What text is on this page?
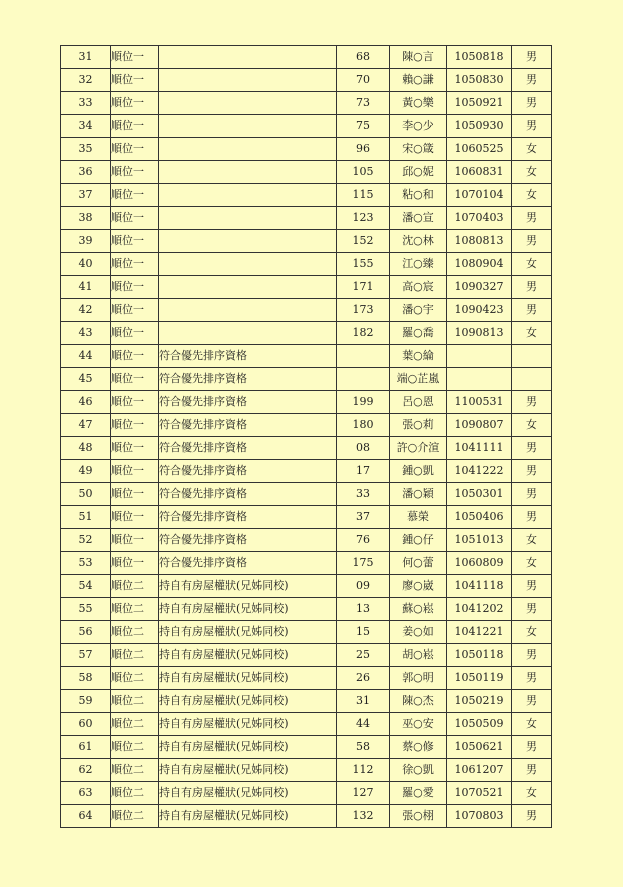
31	順位一		68	陳○言	1050818	男
32	順位一		70	賴○謙	1050830	男
33	順位一		73	黃○樂	1050921	男
34	順位一		75	李○少	1050930	男
35	順位一		96	宋○箴	1060525	女
36	順位一		105	邱○妮	1060831	女
37	順位一		115	粘○和	1070104	女
38	順位一		123	潘○宣	1070403	男
39	順位一		152	沈○林	1080813	男
40	順位一		155	江○臻	1080904	女
41	順位一		171	高○宸	1090327	男
42	順位一		173	潘○宇	1090423	男
43	順位一		182	羅○喬	1090813	女
44	順位一	符合優先排序資格		葉○綸		
45	順位一	符合優先排序資格		端○芷嵐		
46	順位一	符合優先排序資格	199	呂○恩	1100531	男
47	順位一	符合優先排序資格	180	張○莉	1090807	女
48	順位一	符合優先排序資格	08	許○介渲	1041111	男
49	順位一	符合優先排序資格	17	鍾○凱	1041222	男
50	順位一	符合優先排序資格	33	潘○穎	1050301	男
51	順位一	符合優先排序資格	37	慕榮	1050406	男
52	順位一	符合優先排序資格	76	鍾○仔	1051013	女
53	順位一	符合優先排序資格	175	何○蕾	1060809	女
54	順位二	持自有房屋權狀(兄姊同校)	09	廖○崴	1041118	男
55	順位二	持自有房屋權狀(兄姊同校)	13	蘇○崧	1041202	男
56	順位二	持自有房屋權狀(兄姊同校)	15	姜○如	1041221	女
57	順位二	持自有房屋權狀(兄姊同校)	25	胡○崧	1050118	男
58	順位二	持自有房屋權狀(兄姊同校)	26	郭○明	1050119	男
59	順位二	持自有房屋權狀(兄姊同校)	31	陳○杰	1050219	男
60	順位二	持自有房屋權狀(兄姊同校)	44	巫○安	1050509	女
61	順位二	持自有房屋權狀(兄姊同校)	58	蔡○修	1050621	男
62	順位二	持自有房屋權狀(兄姊同校)	112	徐○凱	1061207	男
63	順位二	持自有房屋權狀(兄姊同校)	127	羅○愛	1070521	女
64	順位二	持自有房屋權狀(兄姊同校)	132	張○栩	1070803	男
